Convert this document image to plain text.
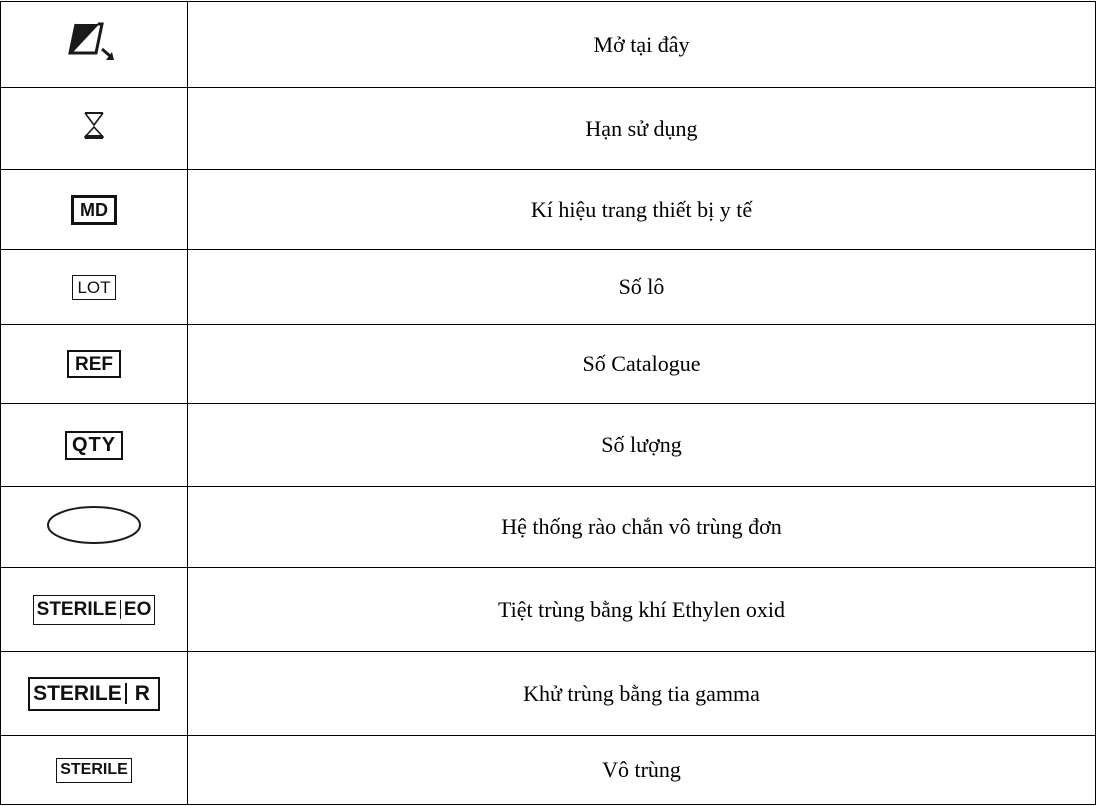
	Mở tại đây

	Hạn sử dụng
MD	Kí hiệu trang thiết bị y tế
LOT	Số lô
REF	Số Catalogue
QTY	Số lượng

	Hệ thống rào chắn vô trùng đơn

STERILE EO	Tiệt trùng bằng khí Ethylen oxid

STERILE R	Khử trùng bằng tia gamma
STERILE	Vô trùng
